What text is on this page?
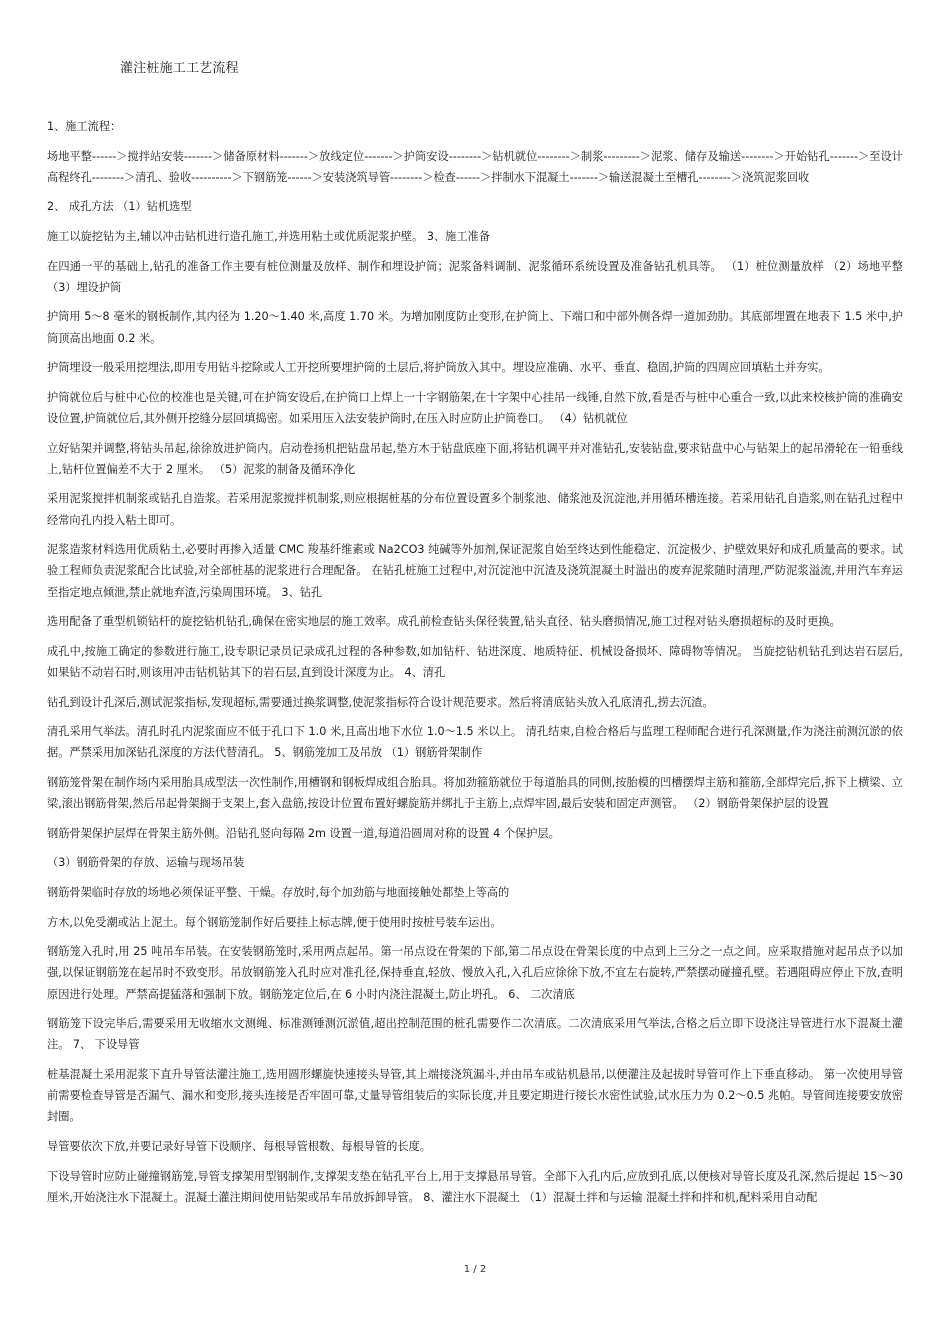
灌注桩施工工艺流程

1、施工流程：

场地平整------＞搅拌站安装-------＞储备原材料-------＞放线定位-------＞护筒安设--------＞钻机就位--------＞制浆---------＞泥浆、储存及输送--------＞开始钻孔-------＞至设计高程终孔--------＞清孔、验收----------＞下钢筋笼------＞安装浇筑导管--------＞检查------＞拌制水下混凝土-------＞输送混凝土至槽孔--------＞浇筑泥浆回收

2、 成孔方法 （1）钻机选型

施工以旋挖钻为主,辅以冲击钻机进行造孔施工,并选用粘土或优质泥浆护壁。 3、施工准备

在四通一平的基础上,钻孔的准备工作主要有桩位测量及放样、制作和埋设护筒；泥浆备料调制、泥浆循环系统设置及准备钻孔机具等。 （1）桩位测量放样 （2）场地平整 （3）埋设护筒

护筒用 5～8 毫米的钢板制作,其内径为 1.20～1.40 米,高度 1.70 米。为增加刚度防止变形,在护筒上、下端口和中部外侧各焊一道加劲肋。其底部埋置在地表下 1.5 米中,护筒顶高出地面 0.2 米。

护筒埋设一般采用挖埋法,即用专用钻斗挖除或人工开挖所要埋护筒的土层后,将护筒放入其中。埋设应准确、水平、垂直、稳固,护筒的四周应回填粘土并夯实。

护筒就位后与桩中心位的校准也是关键,可在护筒安设后,在护筒口上焊上一十字钢筋架,在十字架中心挂吊一线锤,自然下放,看是否与桩中心重合一致,以此来校核护筒的准确安设位置,护筒就位后,其外侧开挖缝分层回填捣密。如采用压入法安装护筒时,在压入时应防止护筒卷口。 （4）钻机就位

立好钻架并调整,将钻头吊起,徐徐放进护筒内。启动卷扬机把钻盘吊起,垫方木于钻盘底座下面,将钻机调平并对准钻孔,安装钻盘,要求钻盘中心与钻架上的起吊滑轮在一铅垂线上,钻杆位置偏差不大于 2 厘米。 （5）泥浆的制备及循环净化

采用泥浆搅拌机制浆或钻孔自造浆。若采用泥浆搅拌机制浆,则应根据桩基的分布位置设置多个制浆池、储浆池及沉淀池,并用循环槽连接。若采用钻孔自造浆,则在钻孔过程中经常向孔内投入粘土即可。

泥浆造浆材料选用优质粘土,必要时再掺入适量 CMC 羧基纤维素或 Na2CO3 纯碱等外加剂,保证泥浆自始至终达到性能稳定、沉淀极少、护壁效果好和成孔质量高的要求。试验工程师负责泥浆配合比试验,对全部桩基的泥浆进行合理配备。 在钻孔桩施工过程中,对沉淀池中沉渣及浇筑混凝土时溢出的废弃泥浆随时清理,严防泥浆溢流,并用汽车弃运至指定地点倾泄,禁止就地弃渣,污染周围环境。 3、钻孔

选用配备了重型机锁钻杆的旋挖钻机钻孔,确保在密实地层的施工效率。成孔前检查钻头保径装置,钻头直径、钻头磨损情况,施工过程对钻头磨损超标的及时更换。

成孔中,按施工确定的参数进行施工,设专职记录员记录成孔过程的各种参数,如加钻杆、钻进深度、地质特征、机械设备损坏、障碍物等情况。 当旋挖钻机钻孔到达岩石层后,如果钻不动岩石时,则该用冲击钻机钻其下的岩石层,直到设计深度为止。 4、清孔

钻孔到设计孔深后,测试泥浆指标,发现超标,需要通过换浆调整,使泥浆指标符合设计规范要求。然后将清底钻头放入孔底清孔,捞去沉渣。

清孔采用气举法。清孔时孔内泥浆面应不低于孔口下 1.0 米,且高出地下水位 1.0～1.5 米以上。 清孔结束,自检合格后与监理工程师配合进行孔深测量,作为浇注前测沉淤的依据。严禁采用加深钻孔深度的方法代替清孔。 5、钢筋笼加工及吊放 （1）钢筋骨架制作

钢筋笼骨架在制作场内采用胎具成型法一次性制作,用槽钢和钢板焊成组合胎具。将加劲箍筋就位于每道胎具的同侧,按胎模的凹槽摆焊主筋和箍筋,全部焊完后,拆下上横梁、立梁,滚出钢筋骨架,然后吊起骨架搁于支架上,套入盘筋,按设计位置布置好螺旋筋并绑扎于主筋上,点焊牢固,最后安装和固定声测管。 （2）钢筋骨架保护层的设置

钢筋骨架保护层焊在骨架主筋外侧。沿钻孔竖向每隔 2m 设置一道,每道沿圆周对称的设置 4 个保护层。

（3）钢筋骨架的存放、运输与现场吊装

钢筋骨架临时存放的场地必须保证平整、干燥。存放时,每个加劲筋与地面接触处都垫上等高的

方木,以免受潮或沾上泥土。每个钢筋笼制作好后要挂上标志牌,便于使用时按桩号装车运出。

钢筋笼入孔时,用 25 吨吊车吊装。在安装钢筋笼时,采用两点起吊。第一吊点设在骨架的下部,第二吊点设在骨架长度的中点到上三分之一点之间。应采取措施对起吊点予以加强,以保证钢筋笼在起吊时不致变形。吊放钢筋笼入孔时应对准孔径,保持垂直,轻放、慢放入孔,入孔后应徐徐下放,不宜左右旋转,严禁摆动碰撞孔壁。若遇阻碍应停止下放,查明原因进行处理。严禁高提猛落和强制下放。钢筋笼定位后,在 6 小时内浇注混凝土,防止坍孔。 6、 二次清底

钢筋笼下设完毕后,需要采用无收缩水文测绳、标准测锤测沉淤值,超出控制范围的桩孔需要作二次清底。二次清底采用气举法,合格之后立即下设浇注导管进行水下混凝土灌注。 7、 下设导管

桩基混凝土采用泥浆下直升导管法灌注施工,选用圆形螺旋快速接头导管,其上端接浇筑漏斗,并由吊车或钻机悬吊,以便灌注及起拔时导管可作上下垂直移动。 第一次使用导管前需要检查导管是否漏气、漏水和变形,接头连接是否牢固可靠,丈量导管组装后的实际长度,并且要定期进行接长水密性试验,试水压力为 0.2～0.5 兆帕。导管间连接要安放密封圈。

导管要依次下放,并要记录好导管下设顺序、每根导管根数、每根导管的长度。

下设导管时应防止碰撞钢筋笼,导管支撑架用型钢制作,支撑架支垫在钻孔平台上,用于支撑悬吊导管。全部下入孔内后,应放到孔底,以便核对导管长度及孔深,然后提起 15～30 厘米,开始浇注水下混凝土。混凝土灌注期间使用钻架或吊车吊放拆卸导管。 8、灌注水下混凝土 （1）混凝土拌和与运输 混凝土拌和拌和机,配料采用自动配

1 / 2
